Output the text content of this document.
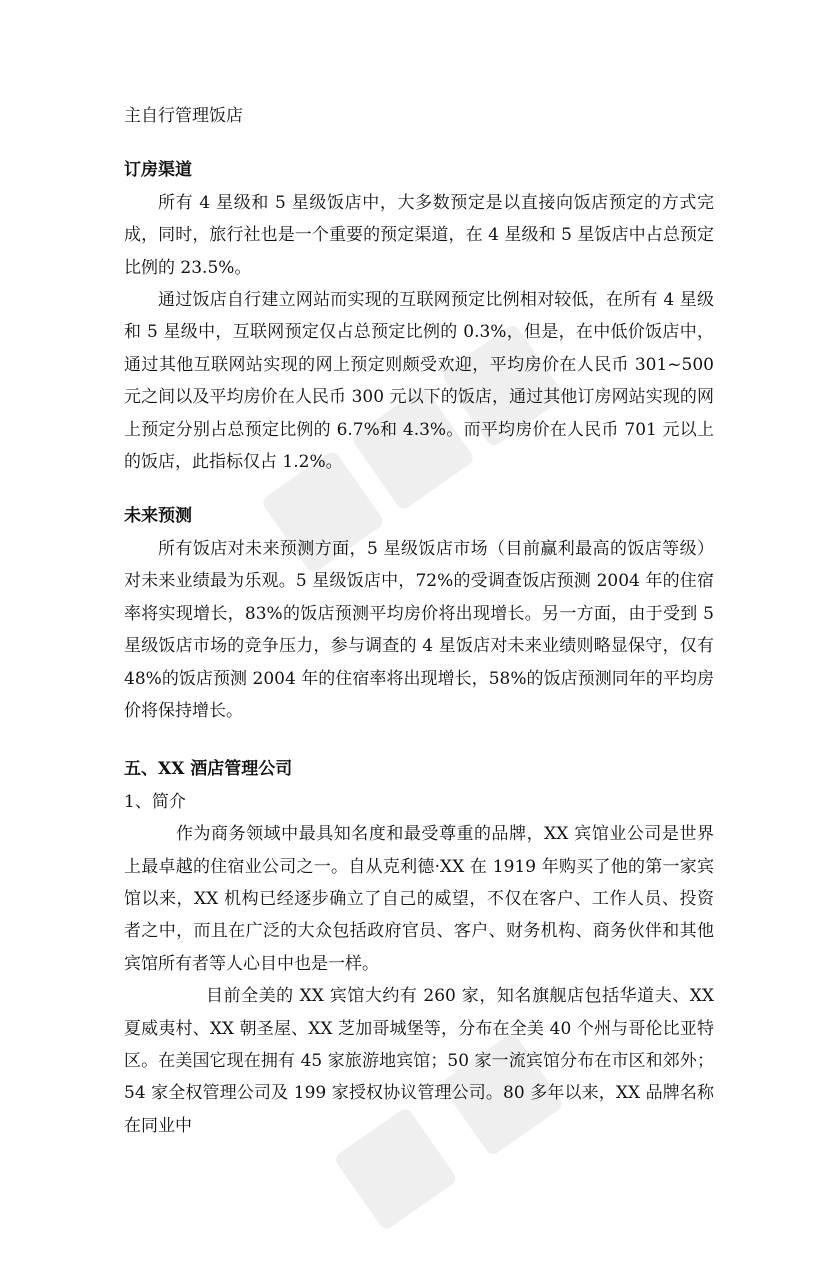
主自行管理饭店

订房渠道

所有 4 星级和 5 星级饭店中，大多数预定是以直接向饭店预定的方式完成，同时，旅行社也是一个重要的预定渠道，在 4 星级和 5 星饭店中占总预定比例的 23.5%。

通过饭店自行建立网站而实现的互联网预定比例相对较低，在所有 4 星级和 5 星级中，互联网预定仅占总预定比例的 0.3%，但是，在中低价饭店中，通过其他互联网站实现的网上预定则颇受欢迎，平均房价在人民币 301~500 元之间以及平均房价在人民币 300 元以下的饭店，通过其他订房网站实现的网上预定分别占总预定比例的 6.7%和 4.3%。而平均房价在人民币 701 元以上的饭店，此指标仅占 1.2%。

未来预测

所有饭店对未来预测方面，5 星级饭店市场（目前赢利最高的饭店等级）对未来业绩最为乐观。5 星级饭店中，72%的受调查饭店预测 2004 年的住宿率将实现增长，83%的饭店预测平均房价将出现增长。另一方面，由于受到 5 星级饭店市场的竞争压力，参与调查的 4 星饭店对未来业绩则略显保守，仅有 48%的饭店预测 2004 年的住宿率将出现增长，58%的饭店预测同年的平均房价将保持增长。

五、XX 酒店管理公司

1、简介

作为商务领域中最具知名度和最受尊重的品牌，XX 宾馆业公司是世界上最卓越的住宿业公司之一。自从克利德·XX 在 1919 年购买了他的第一家宾馆以来，XX 机构已经逐步确立了自己的威望，不仅在客户、工作人员、投资者之中，而且在广泛的大众包括政府官员、客户、财务机构、商务伙伴和其他宾馆所有者等人心目中也是一样。

目前全美的 XX 宾馆大约有 260 家，知名旗舰店包括华道夫、XX 夏威夷村、XX 朝圣屋、XX 芝加哥城堡等，分布在全美 40 个州与哥伦比亚特区。在美国它现在拥有 45 家旅游地宾馆；50 家一流宾馆分布在市区和郊外；54 家全权管理公司及 199 家授权协议管理公司。80 多年以来，XX 品牌名称在同业中
